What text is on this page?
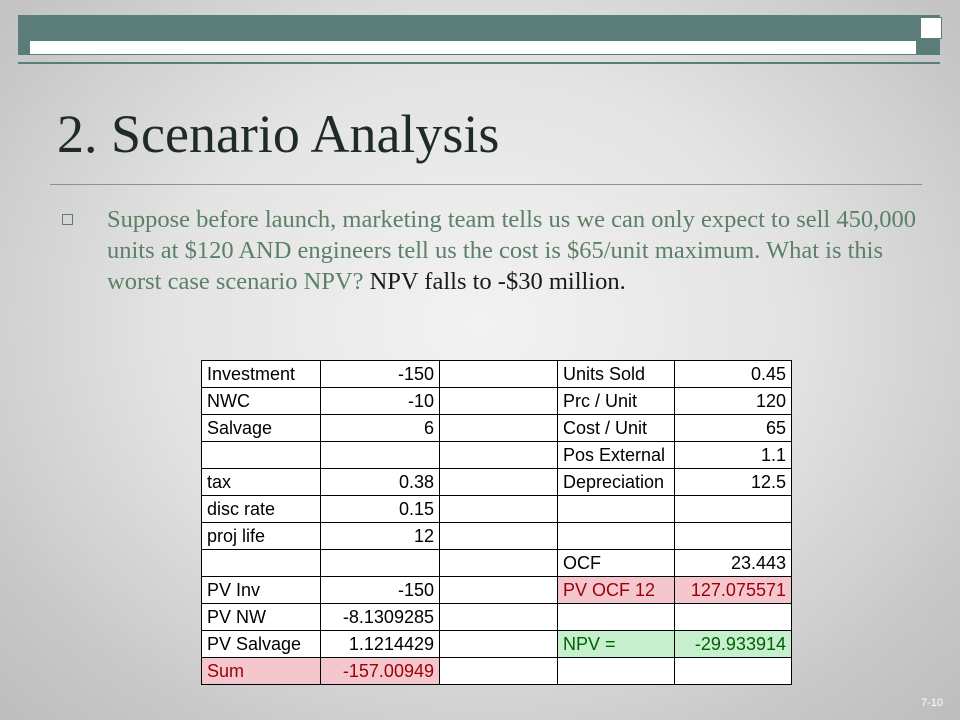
2. Scenario Analysis
Suppose before launch, marketing team tells us we can only expect to sell 450,000 units at $120 AND engineers tell us the cost is $65/unit maximum. What is this worst case scenario NPV? NPV falls to -$30 million.
Investment	-150		Units Sold	0.45
NWC	-10		Prc / Unit	120
Salvage	6		Cost / Unit	65
			Pos External	1.1
tax	0.38		Depreciation	12.5
disc rate	0.15			
proj life	12			
			OCF	23.443
PV Inv	-150		PV OCF 12	127.075571
PV NW	-8.1309285			
PV Salvage	1.1214429		NPV =	-29.933914
Sum	-157.00949			
7-10
